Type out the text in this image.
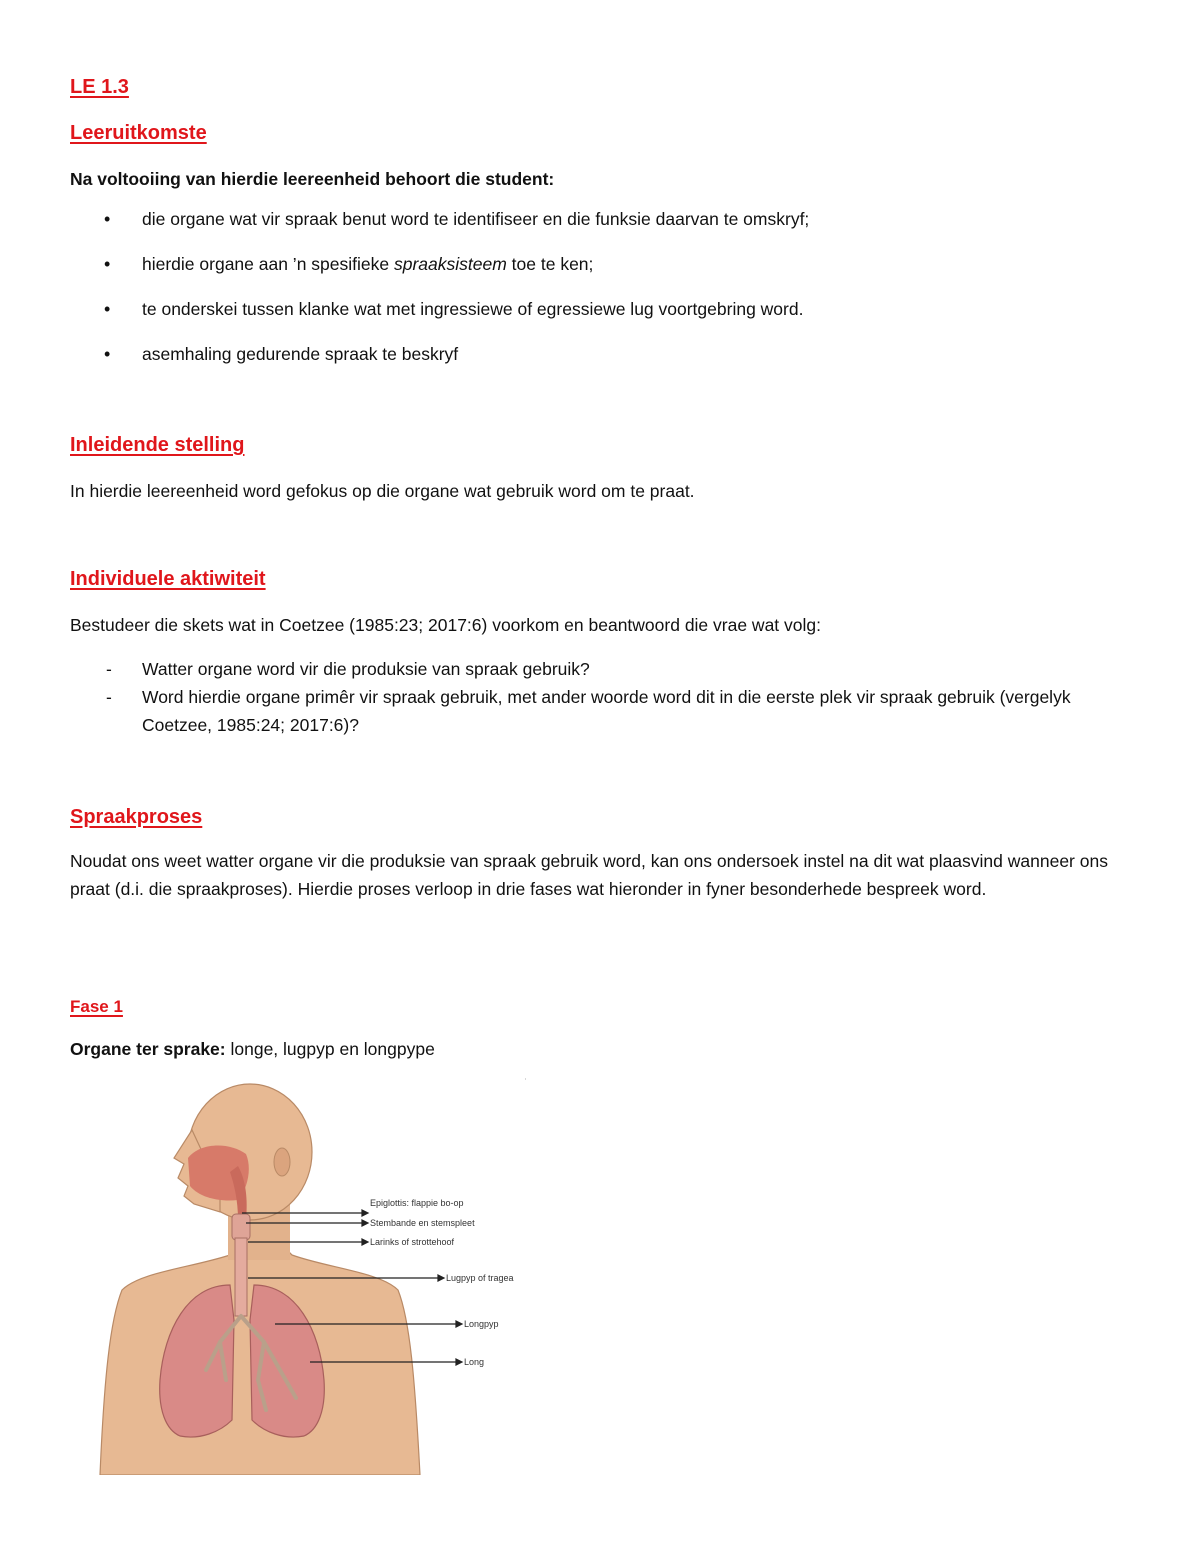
LE 1.3
Leeruitkomste

Na voltooiing van hierdie leereenheid behoort die student:

• die organe wat vir spraak benut word te identifiseer en die funksie daarvan te omskryf;
• hierdie organe aan ’n spesifieke spraaksisteem toe te ken;
• te onderskei tussen klanke wat met ingressiewe of egressiewe lug voortgebring word.
• asemhaling gedurende spraak te beskryf
Inleidende stelling

In hierdie leereenheid word gefokus op die organe wat gebruik word om te praat.

Individuele aktiwiteit

Bestudeer die skets wat in Coetzee (1985:23; 2017:6) voorkom en beantwoord die vrae wat volg:

- Watter organe word vir die produksie van spraak gebruik?
- Word hierdie organe primêr vir spraak gebruik, met ander woorde word dit in die eerste plek vir spraak gebruik (vergelyk Coetzee, 1985:24; 2017:6)?
Spraakproses

Noudat ons weet watter organe vir die produksie van spraak gebruik word, kan ons ondersoek instel na dit wat plaasvind wanneer ons praat (d.i. die spraakproses). Hierdie proses verloop in drie fases wat hieronder in fyner besonderhede bespreek word.

Fase 1

Organe ter sprake: longe, lugpyp en longpype

Epiglottis: flappie bo-op
Stembande en stemspleet
Larinks of strottehoof
Lugpyp of tragea
Longpyp
Long
